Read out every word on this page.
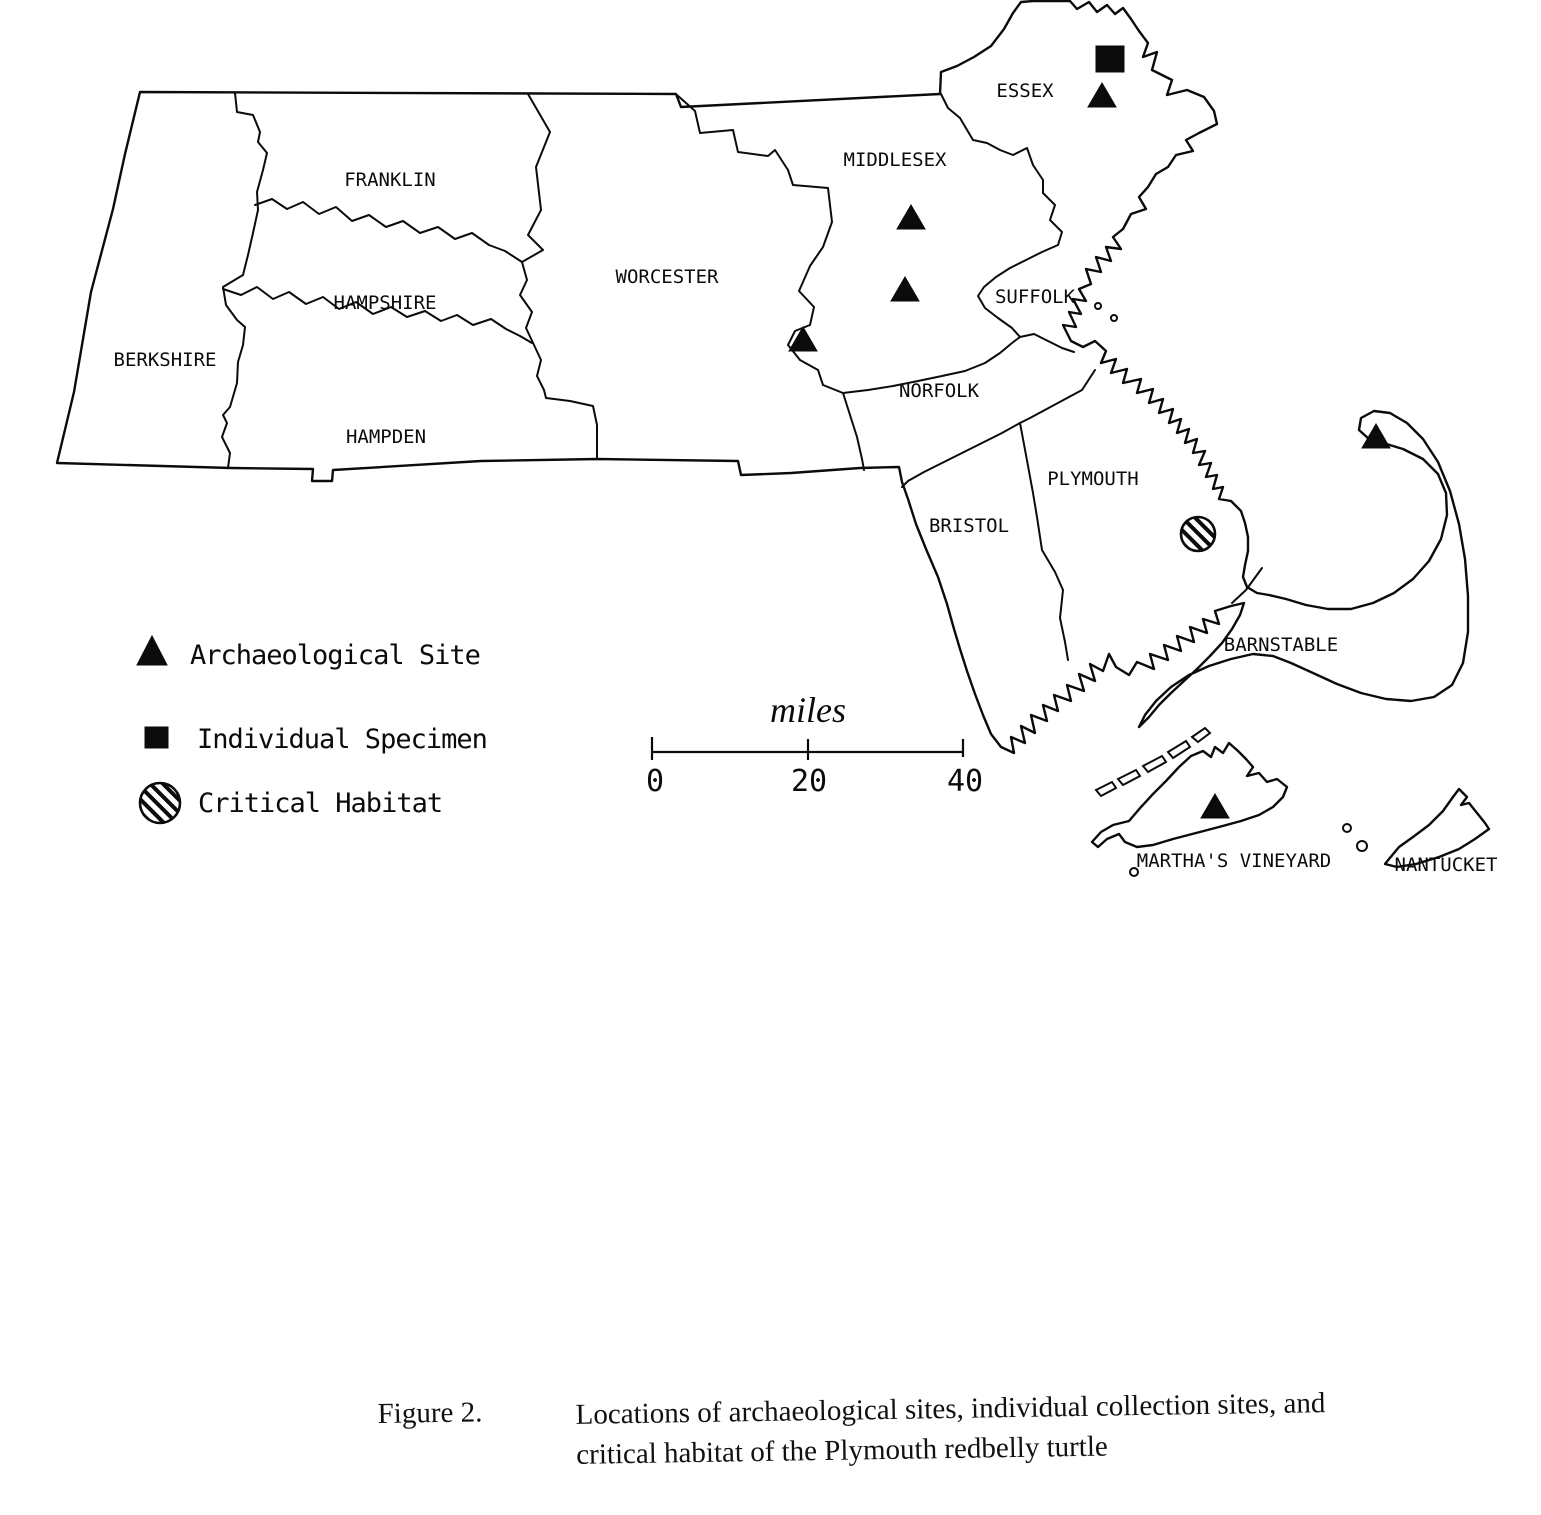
BERKSHIRE
FRANKLIN
HAMPSHIRE
HAMPDEN
WORCESTER
MIDDLESEX
ESSEX
SUFFOLK
NORFOLK
BRISTOL
PLYMOUTH
BARNSTABLE
MARTHA'S VINEYARD	NANTUCKET
Archaeological Site
Individual Specimen
Critical Habitat
miles
0	20	40
Figure 2.	Locations of archaeological sites, individual collection sites, and
critical habitat of the Plymouth redbelly turtle
